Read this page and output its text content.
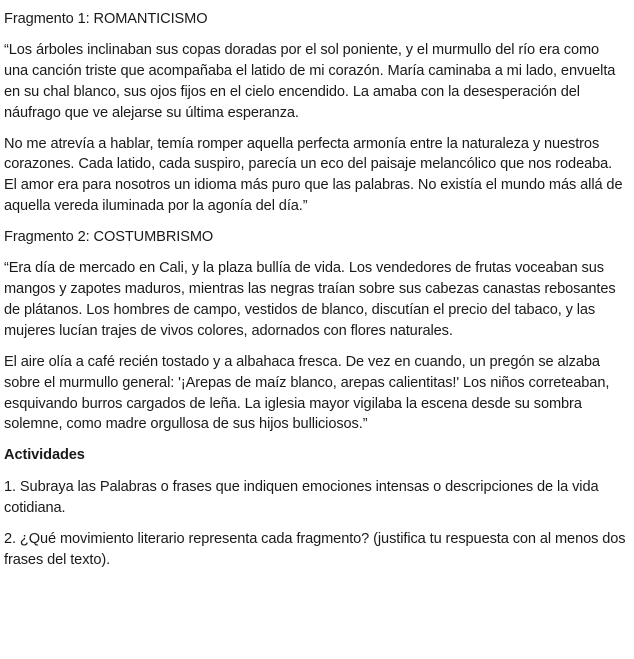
Fragmento 1: ROMANTICISMO

“Los árboles inclinaban sus copas doradas por el sol poniente, y el murmullo del río era como una canción triste que acompañaba el latido de mi corazón. María caminaba a mi lado, envuelta en su chal blanco, sus ojos fijos en el cielo encendido. La amaba con la desesperación del náufrago que ve alejarse su última esperanza.

No me atrevía a hablar, temía romper aquella perfecta armonía entre la naturaleza y nuestros corazones. Cada latido, cada suspiro, parecía un eco del paisaje melancólico que nos rodeaba. El amor era para nosotros un idioma más puro que las palabras. No existía el mundo más allá de aquella vereda iluminada por la agonía del día.”

Fragmento 2: COSTUMBRISMO

“Era día de mercado en Cali, y la plaza bullía de vida. Los vendedores de frutas voceaban sus mangos y zapotes maduros, mientras las negras traían sobre sus cabezas canastas rebosantes de plátanos. Los hombres de campo, vestidos de blanco, discutían el precio del tabaco, y las mujeres lucían trajes de vivos colores, adornados con flores naturales.

El aire olía a café recién tostado y a albahaca fresca. De vez en cuando, un pregón se alzaba sobre el murmullo general: '¡Arepas de maíz blanco, arepas calientitas!' Los niños correteaban, esquivando burros cargados de leña. La iglesia mayor vigilaba la escena desde su sombra solemne, como madre orgullosa de sus hijos bulliciosos.”

Actividades

1. Subraya las Palabras o frases que indiquen emociones intensas o descripciones de la vida cotidiana.

2. ¿Qué movimiento literario representa cada fragmento? (justifica tu respuesta con al menos dos frases del texto).
